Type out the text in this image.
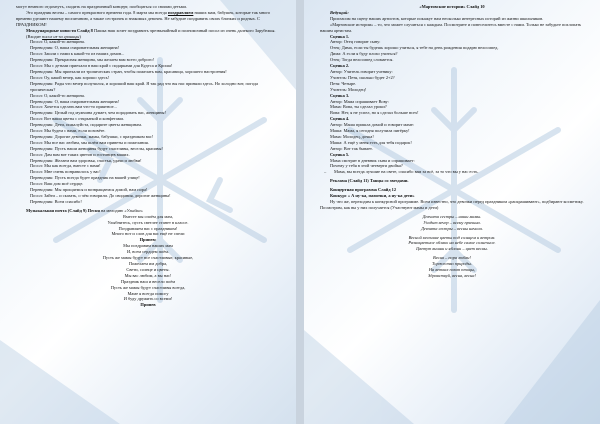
могут немного отдохнуть, сходить на праздничный концерт, пообщаться со своими детьми.

Это праздник весны – самого прекрасного времени года. 8 марта мы всегда поздравляем наших мам, бабушек, которые так много времени уделяют нашему воспитанию, а также сестричек и знакомых девочек. Не забудьте поздравить своих близких и родных. С ПРАЗДНИКОМ!

Международные новости Слайд 8 Пашка наш хочет поздравить чрезвычайный и полномочный посол из очень далекого Зарубежья.

(Входит посол из-за границы)

Посол: О, какой-то женщина.

Переводчик: О, ваша очаровательная женщина!

Посол: Зашли с нами к какой-то из наших домов...

Переводчик: Прекрасная женщина, мы желаем вам всего доброго!

Посол: Мы с детьми приехали в ваш край с подарками для Кудеса и Кроша!

Переводчик: Мы приехали из тропических стран, чтобы пожелать вам, красавица, хорошего настроения!

Посол: Оу, какой вечер, как хорошо здесь!

Переводчик: Рады что вечер получился, и хороший ваш край. Я так рад что вы нас приняли здесь. Но холодно вот, погода тропическая?

Посол: О, какой-то женщина.

Переводчик: О, ваша очаровательная женщина!

Посол: Хочется сделать вам что-то приятное...

Переводчик: Целый год мужчина думает, чем порадовать вас, женщины!

Посол: Вот ваши цветы с открыткой и конфетами.

Переводчик: Дети, пожалуйста, подарите цветы женщинам.

Посол: Мы будем с вами, если позовёте.

Переводчик: Дорогие девочки, мамы, бабушки, с праздником вас!

Посол: Мы все вас любим, мы шлём вам приветы и пожелания.

Переводчик: Пусть наши женщины будут счастливы, веселы, красивы!

Посол: Дам вам вот таких цветов и гостинцев ваших.

Переводчик: Желаем вам здоровья, счастья, удачи и любви!

Посол: Мы как всегда, вместе с вами!

Посол: Мне очень понравилось у вас!

Переводчик: Пусть всегда будет праздник на вашей улице!

Посол: Ваш дом моё сердце.

Переводчик: Мы прощаемся и возвращаемся домой, нам пора!

Посол: Зайти – и сказать, о чём говорили. До свидания, дорогие женщины!

Переводчик: Всем спасибо!

Музыкальная почта (Слайд 9) Песня на мелодию «Улыбка»

Вместе мы споём для мам,

Улыбнитесь, пусть светлее станет в классе.

Поздравляем вас с праздником!

Много нот и слов для вас ещё не спели

Припев:

Мы поздравим наших мам

И, всем сердцем поём.

Пусть же мамы будут все счастливые, красивые,

Пожелаем им добра,

Свети, солнце и цветы.

Мы вас любим, а вы нас!

Праздник наш и весело поём

Пусть же мамы будут счастливы всегда,

Маме я всегда помогу

И буду дружить со всеми!

Припев

«Мартовские истории» Слайд 10

Ведущий:

Пригласим на сцену наших артистов, которые покажут нам несколько интересных историй из жизни школьников.

«Мартовские истории» – то, что может случиться с каждым. Посмотрите и повеселитесь вместе с нами. Только не забудьте похлопать нашим артистам.

Сценка 1.

Автор: Отец говорит сыну:

Отец: Дима, если ты будешь хорошо учиться, я тебе на день рождения подарю велосипед.

Дима: А если я буду плохо учиться?

Отец: Тогда велосипед сломается.

Сценка 2.

Автор: Учитель говорит ученику:

Учитель: Петя, сколько будет 2+2?

Петя: Четыре.

Учитель: Молодец!

Сценка 3.

Автор: Мама спрашивает Вову:

Мама: Вова, ты сделал уроки?

Вова: Нет, я не успел, но я сделал больше всех!

Сценка 4.

Автор: Маша пришла домой и говорит маме:

Маша: Мама, я сегодня получила пятёрку!

Мама: Молодец, дочка!

Маша: А ещё у меня есть для тебя подарок!

Автор: Вот так бывает.

Сценка 5.

Мама смотрит в дневник сына и спрашивает:

Почему у тебя в этой четверти двойка?

– Мама, вы всегда лучшие на свете, спасибо вам за всё, за то что вы у нас есть.

Реклама (Слайд 11) Танцы со звездами.

Концертная программа Слайд 12

Конкурс « А ну-ка, мамочки, а ну-ка дети»

Ну что же, переходим к конкурсной программе. Всем известно, что девочки перед праздником «раскрашивают», подбирают косметику. Посмотрим, как вы у них получается (Участвуют мамы и дети)

Девчата сестры – наши мамы.

Уходит вечер – всему причина.

Девчата сестры – весны начала.

Весной весенние цветы под солнцем и ветром.

Разноцветное облако на небе самое солнечное.

Цветут вишни и яблони – цвет весны.

Весна – пора любви!

Торжество природы.

На ветках поют птицы,

Здравствуй, весна, весна!
